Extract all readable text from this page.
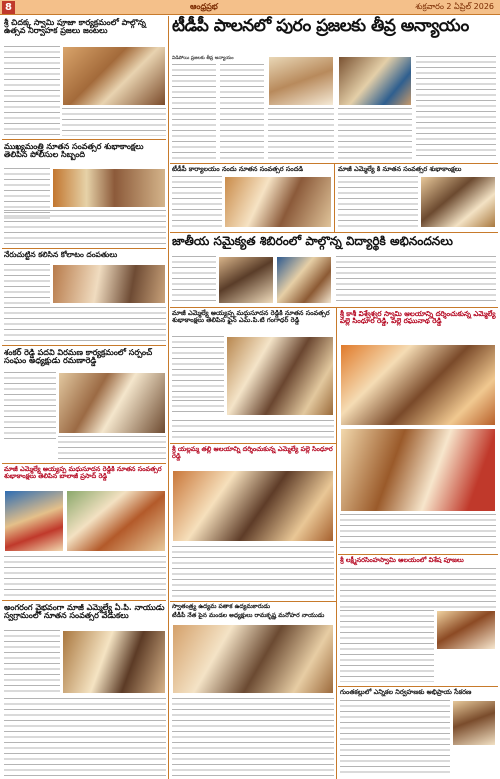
8	ఆంధ్రప్రభ	శుక్రవారం 2 ఏప్రిల్ 2026
శ్రీ చిదక్క స్వామి పూజా కార్యక్రమంలో పాల్గొన్న ఉత్సవ నిర్వాహక ప్రజలు జంటలు
ముఖ్యమంత్రి నూతన సంవత్సర శుభాకాంక్షలు తెలిపిన పోలీసుల సిబ్బంది
నేరుచుట్టిన కలిసిన కోలాటం దంపతులు
శంకర్ రెడ్డి పదవి విరమణ కార్యక్రమంలో సర్పంచ్ సంఘం అధ్యక్షుడు రమణారెడ్డి
మాజీ ఎమ్మెల్యే అయ్యప్ప మధుసూదన రెడ్డికి నూతన సంవత్సర శుభాకాంక్షలు తెలిపిన బాలాజీ ప్రసాద్ రెడ్డి
అంగరంగ వైభవంగా మాజీ ఎమ్మెల్యే ఏ.పి. నాయుడు స్వగ్రామంలో నూతన సంవత్సర వేడుకలు
టీడీపీ పాలనలో పురం ప్రజలకు తీవ్ర అన్యాయం
విడిపోయి ప్రజలకు తీవ్ర అన్యాయం
టీడీపీ కార్యాలయం నందు నూతన సంవత్సర సందడి	మాజీ ఎమ్మెల్యే కి నూతన సంవత్సర శుభాకాంక్షలు
జాతీయ సమైక్యత శిబిరంలో పాల్గొన్న విద్యార్థికి అభినందనలు
మాజీ ఎమ్మెల్యే అయ్యప్ప మధుసూదన రెడ్డికి నూతన సంవత్సర శుభాకాంక్షలు తెలిపిన ఫైన్ ఎమ్.పి.టి గంగాధర్ రెడ్డి
శ్రీ కాశీ విశ్వేశ్వర స్వామి ఆలయాన్ని దర్శించుకున్న ఎమ్మెల్యే పల్లె సింధూర రెడ్డి, పల్లె రఘునాథ రెడ్డి
శ్రీ యల్లమ్మ తల్లి ఆలయాన్ని దర్శించుకున్న ఎమ్మెల్యే పల్లె సింధూర రెడ్డి
శ్రీ లక్ష్మీనరసింహస్వామి ఆలయంలో విశేష పూజలు
స్వాతంత్ర్య ఉద్యమ పతాక ఉద్యమకారుడు
టీడీపీ నేత పైన మండల అధ్యక్షులు రామకృష్ణ మనోహర నాయుడు
గుంతకల్లులో ఎన్నికల నిర్వహణకు అభిప్రాయ సేకరణ
